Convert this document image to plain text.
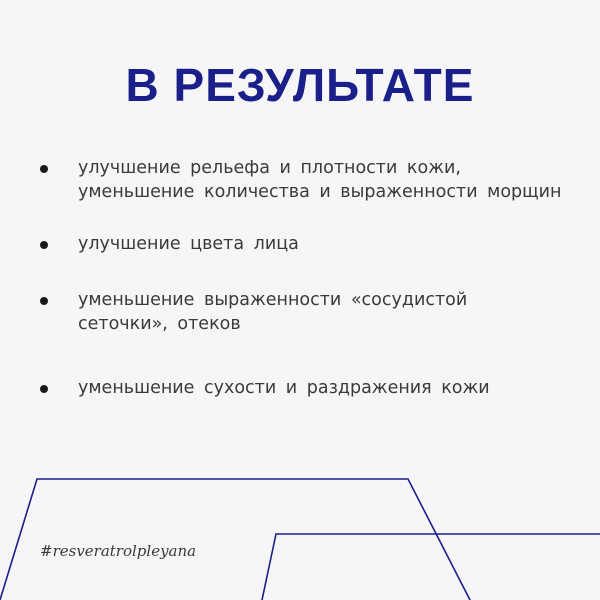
В РЕЗУЛЬТАТЕ
улучшение рельефа и плотности кожи,
уменьшение количества и выраженности морщин
улучшение цвета лица
уменьшение выраженности «сосудистой
сеточки», отеков
уменьшение сухости и раздражения кожи

#resveratrolpleyana
